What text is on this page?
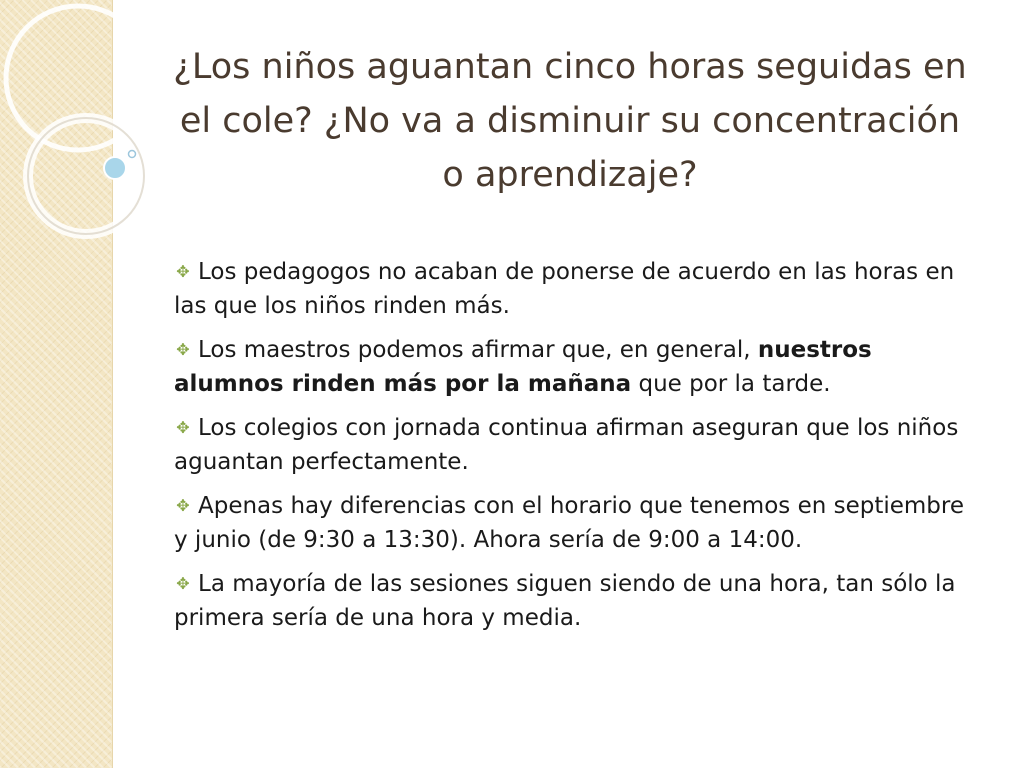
¿Los niños aguantan cinco horas seguidas en el cole? ¿No va a disminuir su concentración o aprendizaje?
✥ Los pedagogos no acaban de ponerse de acuerdo en las horas en las que los niños rinden más.
✥ Los maestros podemos afirmar que, en general, nuestros alumnos rinden más por la mañana que por la tarde.
✥ Los colegios con jornada continua afirman aseguran que los niños aguantan perfectamente.
✥ Apenas hay diferencias con el horario que tenemos en septiembre y junio (de 9:30 a 13:30). Ahora sería de 9:00 a 14:00.
✥ La mayoría de las sesiones siguen siendo de una hora, tan sólo la primera sería de una hora y media.
